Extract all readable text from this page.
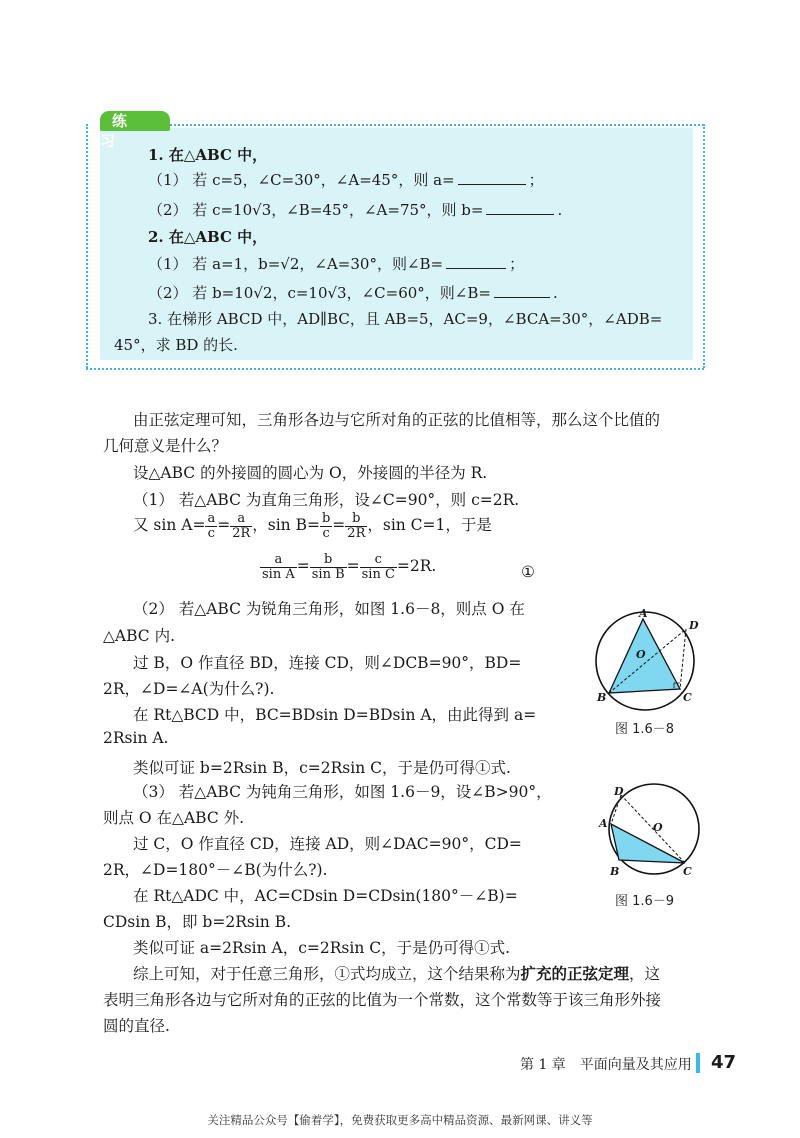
练 习
1. 在△ABC 中，
（1） 若 c=5，∠C=30°，∠A=45°，则 a=	；
（2） 若 c=10√3，∠B=45°，∠A=75°，则 b=	.
2. 在△ABC 中，
（1） 若 a=1，b=√2，∠A=30°，则∠B=	；
（2） 若 b=10√2，c=10√3，∠C=60°，则∠B=	.
3. 在梯形 ABCD 中，AD∥BC，且 AB=5，AC=9，∠BCA=30°，∠ADB=
45°，求 BD 的长.
由正弦定理可知，三角形各边与它所对角的正弦的比值相等，那么这个比值的
几何意义是什么？
设△ABC 的外接圆的圆心为 O，外接圆的半径为 R.
（1） 若△ABC 为直角三角形，设∠C=90°，则 c=2R.
又 $\sin A= \frac{a}{c} = \frac{a}{2R}$ ，$\sin B= \frac{b}{c} = \frac{b}{2R}$ ，sin C=1，于是
$\frac{a}{\text{sin A}} = \frac{b}{\text{sin B}} = \frac{c}{\text{sin C}} =2R$.	①
（2） 若△ABC 为锐角三角形，如图 1.6－8，则点 O 在
△ABC 内.
过 B，O 作直径 BD，连接 CD，则∠DCB=90°，BD=
2R，∠D=∠A(为什么?).
在 Rt△BCD 中，BC=BDsin D=BDsin A，由此得到 a=
2Rsin A.
类似可证 b=2Rsin B，c=2Rsin C，于是仍可得①式.
（3） 若△ABC 为钝角三角形，如图 1.6－9，设∠B>90°，
则点 O 在△ABC 外.
过 C，O 作直径 CD，连接 AD，则∠DAC=90°，CD=
2R，∠D=180°－∠B(为什么?).
在 Rt△ADC 中，AC=CDsin D=CDsin(180°－∠B)=
CDsin B，即 b=2Rsin B.
类似可证 a=2Rsin A，c=2Rsin C，于是仍可得①式.
综上可知，对于任意三角形，①式均成立，这个结果称为扩充的正弦定理，这
表明三角形各边与它所对角的正弦的比值为一个常数，这个常数等于该三角形外接
圆的直径.
A
D
O
B	C
图 1.6－8
D
O
A
B	C
图 1.6－9
第 1 章　平面向量及其应用 47
关注精品公众号【偷着学】，免费获取更多高中精品资源、最新网课、讲义等
